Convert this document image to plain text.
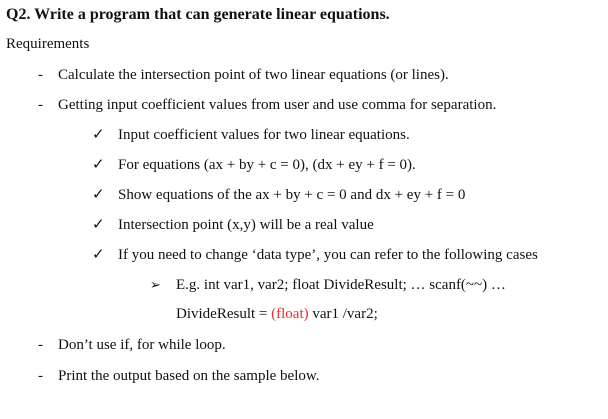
Q2. Write a program that can generate linear equations.
Requirements
- Calculate the intersection point of two linear equations (or lines).
- Getting input coefficient values from user and use comma for separation.
✓ Input coefficient values for two linear equations.
✓ For equations (ax + by + c = 0), (dx + ey + f = 0).
✓ Show equations of the ax + by + c = 0 and dx + ey + f = 0
✓ Intersection point (x,y) will be a real value
✓ If you need to change ‘data type’, you can refer to the following cases
➢ E.g. int var1, var2; float DivideResult; … scanf(~~) …
DivideResult = (float) var1 /var2;
- Don’t use if, for while loop.
- Print the output based on the sample below.
